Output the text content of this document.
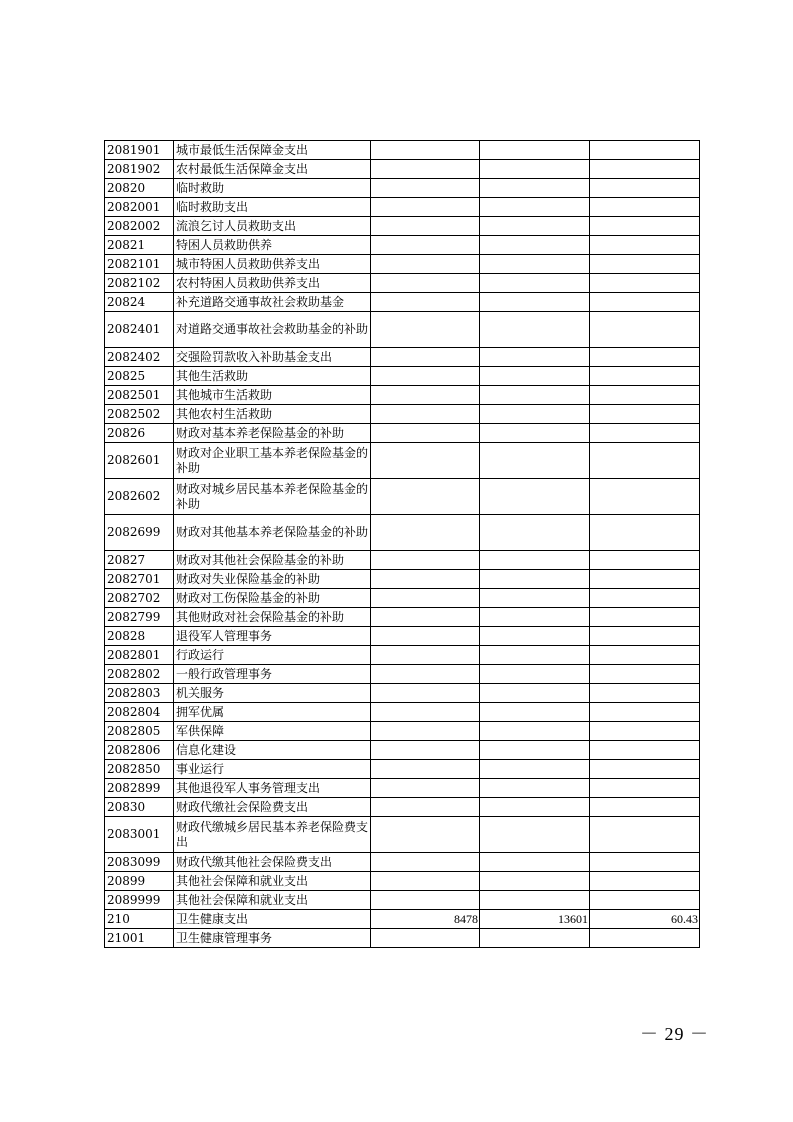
2081901	城市最低生活保障金支出			
2081902	农村最低生活保障金支出			
20820	临时救助			
2082001	临时救助支出			
2082002	流浪乞讨人员救助支出			
20821	特困人员救助供养			
2082101	城市特困人员救助供养支出			
2082102	农村特困人员救助供养支出			
20824	补充道路交通事故社会救助基金			
2082401	对道路交通事故社会救助基金的补助			
2082402	交强险罚款收入补助基金支出			
20825	其他生活救助			
2082501	其他城市生活救助			
2082502	其他农村生活救助			
20826	财政对基本养老保险基金的补助			
2082601	财政对企业职工基本养老保险基金的补助			
2082602	财政对城乡居民基本养老保险基金的补助			
2082699	财政对其他基本养老保险基金的补助			
20827	财政对其他社会保险基金的补助			
2082701	财政对失业保险基金的补助			
2082702	财政对工伤保险基金的补助			
2082799	其他财政对社会保险基金的补助			
20828	退役军人管理事务			
2082801	行政运行			
2082802	一般行政管理事务			
2082803	机关服务			
2082804	拥军优属			
2082805	军供保障			
2082806	信息化建设			
2082850	事业运行			
2082899	其他退役军人事务管理支出			
20830	财政代缴社会保险费支出			
2083001	财政代缴城乡居民基本养老保险费支出			
2083099	财政代缴其他社会保险费支出			
20899	其他社会保障和就业支出			
2089999	其他社会保障和就业支出			
210	卫生健康支出	8478	13601	60.43
21001	卫生健康管理事务			
－ 29 －
